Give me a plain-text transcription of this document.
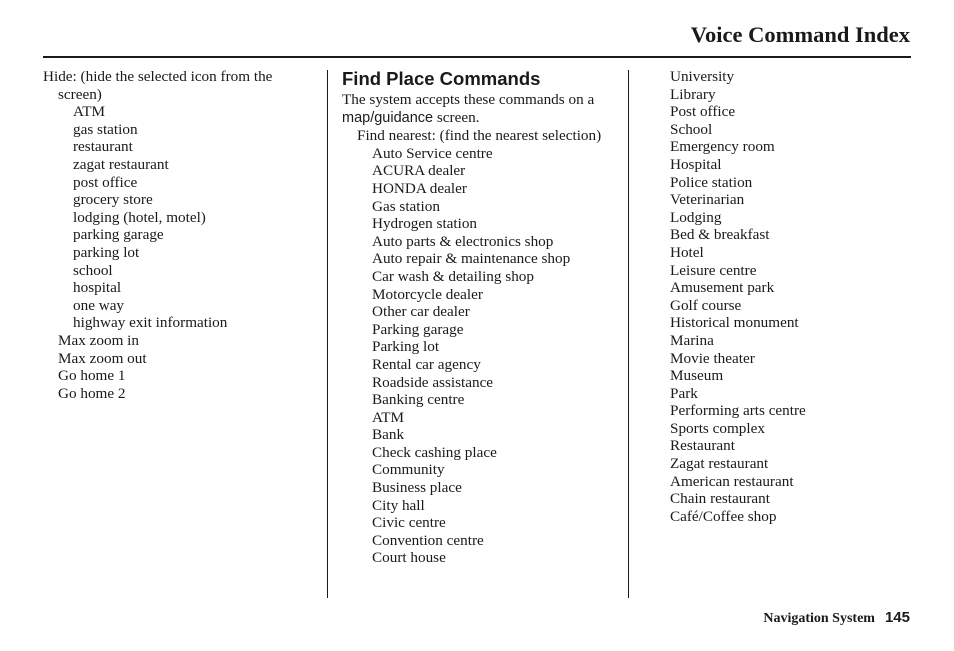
Voice Command Index
Hide: (hide the selected icon from the screen)
ATM
gas station
restaurant
zagat restaurant
post office
grocery store
lodging (hotel, motel)
parking garage
parking lot
school
hospital
one way
highway exit information
Max zoom in
Max zoom out
Go home 1
Go home 2
Find Place Commands

The system accepts these commands on a map/guidance screen.

Find nearest: (find the nearest selection)
Auto Service centre
ACURA dealer
HONDA dealer
Gas station
Hydrogen station
Auto parts & electronics shop
Auto repair & maintenance shop
Car wash & detailing shop
Motorcycle dealer
Other car dealer
Parking garage
Parking lot
Rental car agency
Roadside assistance
Banking centre
ATM
Bank
Check cashing place
Community
Business place
City hall
Civic centre
Convention centre
Court house
University
Library
Post office
School
Emergency room
Hospital
Police station
Veterinarian
Lodging
Bed & breakfast
Hotel
Leisure centre
Amusement park
Golf course
Historical monument
Marina
Movie theater
Museum
Park
Performing arts centre
Sports complex
Restaurant
Zagat restaurant
American restaurant
Chain restaurant
Café/Coffee shop
Navigation System 145
